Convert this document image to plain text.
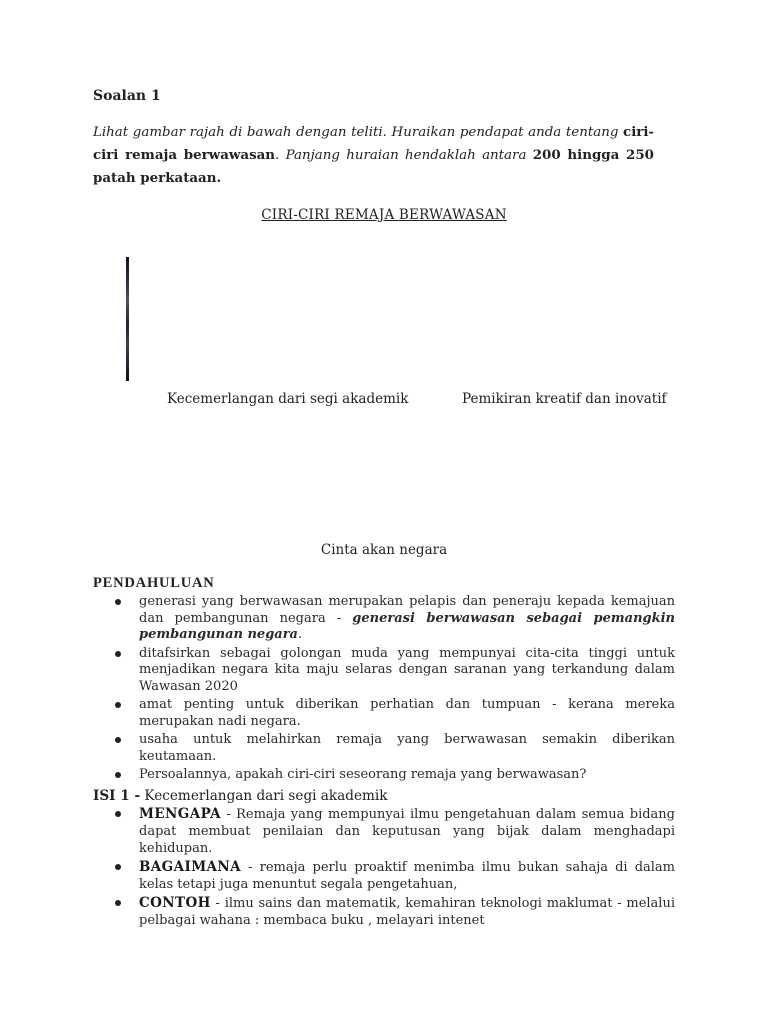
Soalan 1
Lihat gambar rajah di bawah dengan teliti. Huraikan pendapat anda tentang ciri-ciri remaja berwawasan. Panjang huraian hendaklah antara 200 hingga 250 patah perkataan.
CIRI-CIRI REMAJA BERWAWASAN
Kecemerlangan dari segi akademik	Pemikiran kreatif dan inovatif
Cinta akan negara
PENDAHULUAN
generasi yang berwawasan merupakan pelapis dan peneraju kepada kemajuan dan pembangunan negara - generasi berwawasan sebagai pemangkin pembangunan negara.
ditafsirkan sebagai golongan muda yang mempunyai cita-cita tinggi untuk menjadikan negara kita maju selaras dengan saranan yang terkandung dalam Wawasan 2020
amat penting untuk diberikan perhatian dan tumpuan - kerana mereka merupakan nadi negara.
usaha untuk melahirkan remaja yang berwawasan semakin diberikan keutamaan.
Persoalannya, apakah ciri-ciri seseorang remaja yang berwawasan?
ISI 1 - Kecemerlangan dari segi akademik
MENGAPA - Remaja yang mempunyai ilmu pengetahuan dalam semua bidang dapat membuat penilaian dan keputusan yang bijak dalam menghadapi kehidupan.
BAGAIMANA - remaja perlu proaktif menimba ilmu bukan sahaja di dalam kelas tetapi juga menuntut segala pengetahuan,
CONTOH - ilmu sains dan matematik, kemahiran teknologi maklumat - melalui pelbagai wahana : membaca buku , melayari intenet
